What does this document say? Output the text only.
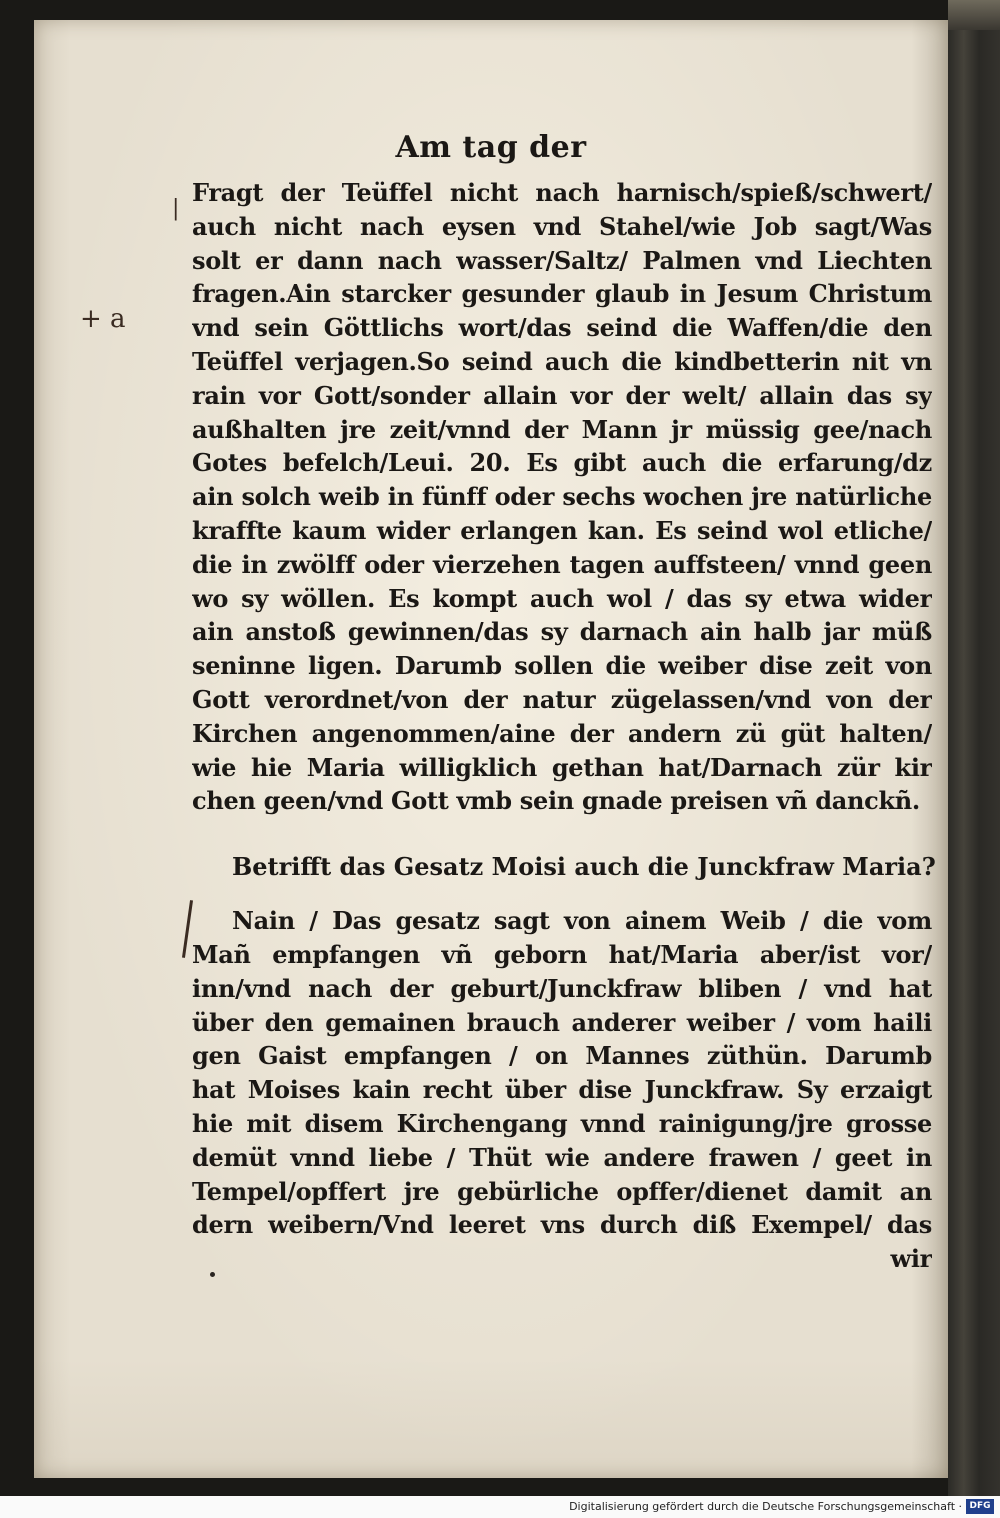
Am tag der
Fragt der Teüffel nicht nach harnisch/spieß/schwert/
auch nicht nach eysen vnd Stahel/wie Job sagt/Was
solt er dann nach wasser/Saltz/ Palmen vnd Liechten
fragen.Ain starcker gesunder glaub in Jesum Christum
vnd sein Göttlichs wort/das seind die Waffen/die den
Teüffel verjagen.So seind auch die kindbetterin nit vn
rain vor Gott/sonder allain vor der welt/ allain das sy
außhalten jre zeit/vnnd der Mann jr müssig gee/nach
Gotes befelch/Leui. 20. Es gibt auch die erfarung/dz
ain solch weib in fünff oder sechs wochen jre natürliche
kraffte kaum wider erlangen kan. Es seind wol etliche/
die in zwölff oder vierzehen tagen auffsteen/ vnnd geen
wo sy wöllen. Es kompt auch wol / das sy etwa wider
ain anstoß gewinnen/das sy darnach ain halb jar müß
seninne ligen. Darumb sollen die weiber dise zeit von
Gott verordnet/von der natur zügelassen/vnd von der
Kirchen angenommen/aine der andern zü güt halten/
wie hie Maria willigklich gethan hat/Darnach zür kir
chen geen/vnd Gott vmb sein gnade preisen vñ danckñ.
Betrifft das Gesatz Moisi auch die Junckfraw Maria?
Nain / Das gesatz sagt von ainem Weib / die vom
Mañ empfangen vñ geborn hat/Maria aber/ist vor/
inn/vnd nach der geburt/Junckfraw bliben / vnd hat
über den gemainen brauch anderer weiber / vom haili
gen Gaist empfangen / on Mannes züthün. Darumb
hat Moises kain recht über dise Junckfraw. Sy erzaigt
hie mit disem Kirchengang vnnd rainigung/jre grosse
demüt vnnd liebe / Thüt wie andere frawen / geet in
Tempel/opffert jre gebürliche opffer/dienet damit an
dern weibern/Vnd leeret vns durch diß Exempel/ das
wir
+ a
|
Digitalisierung gefördert durch die Deutsche Forschungsgemeinschaft · DFG
